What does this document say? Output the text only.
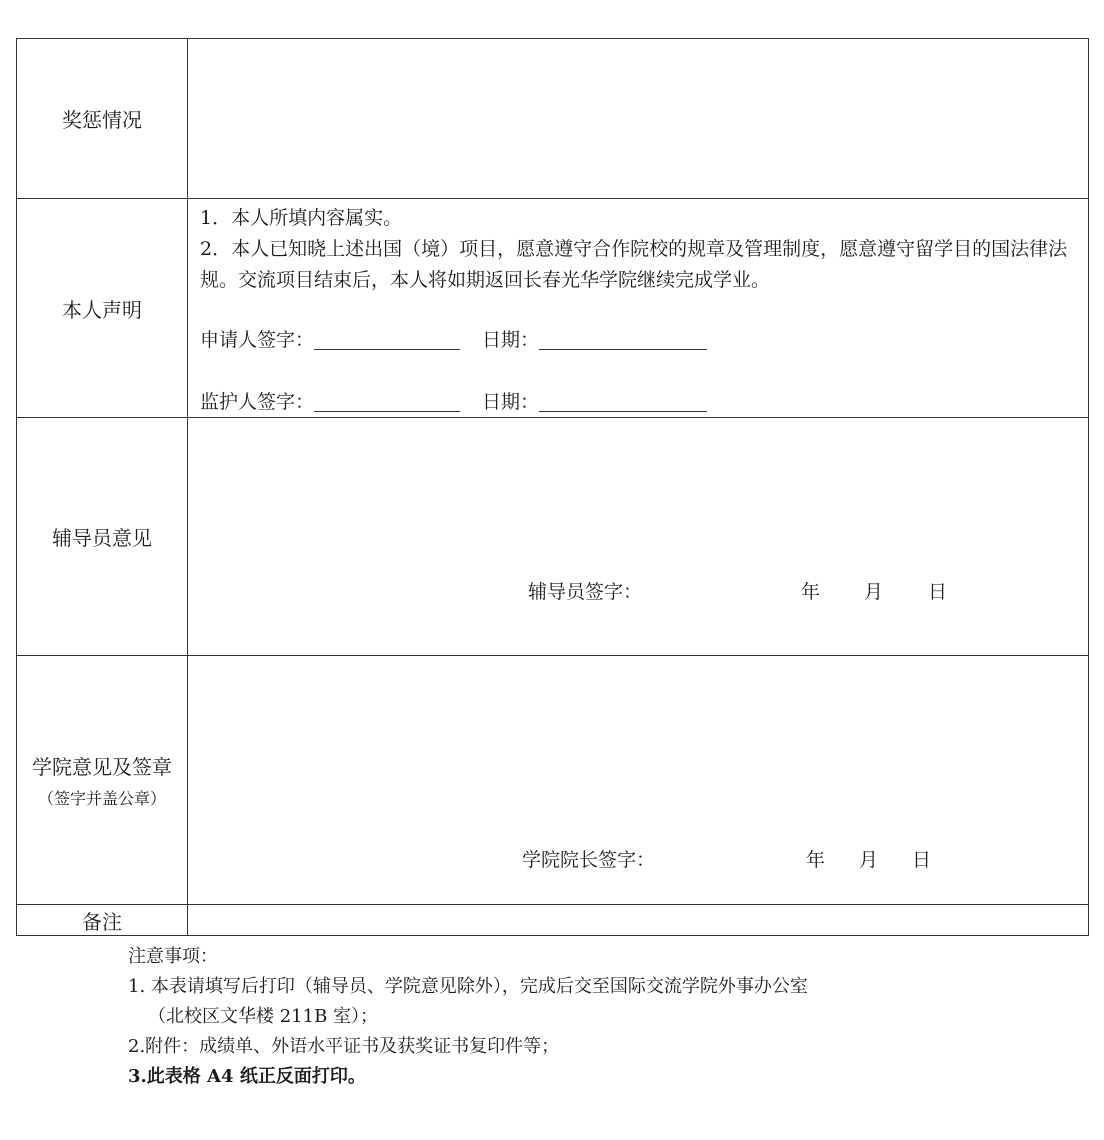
奖惩情况	
本人声明	1．本人所填内容属实。
2．本人已知晓上述出国（境）项目，愿意遵守合作院校的规章及管理制度，愿意遵守留学目的国法律法规。交流项目结束后，本人将如期返回长春光华学院继续完成学业。
申请人签字： 日期：
监护人签字： 日期：

辅导员意见	辅导员签字： 年 月 日

学院意见及签章
（签字并盖公章）	学院院长签字： 年 月 日

备注	
注意事项：
1. 本表请填写后打印（辅导员、学院意见除外），完成后交至国际交流学院外事办公室
（北校区文华楼 211B 室）；
2.附件：成绩单、外语水平证书及获奖证书复印件等；
3.此表格 A4 纸正反面打印。
